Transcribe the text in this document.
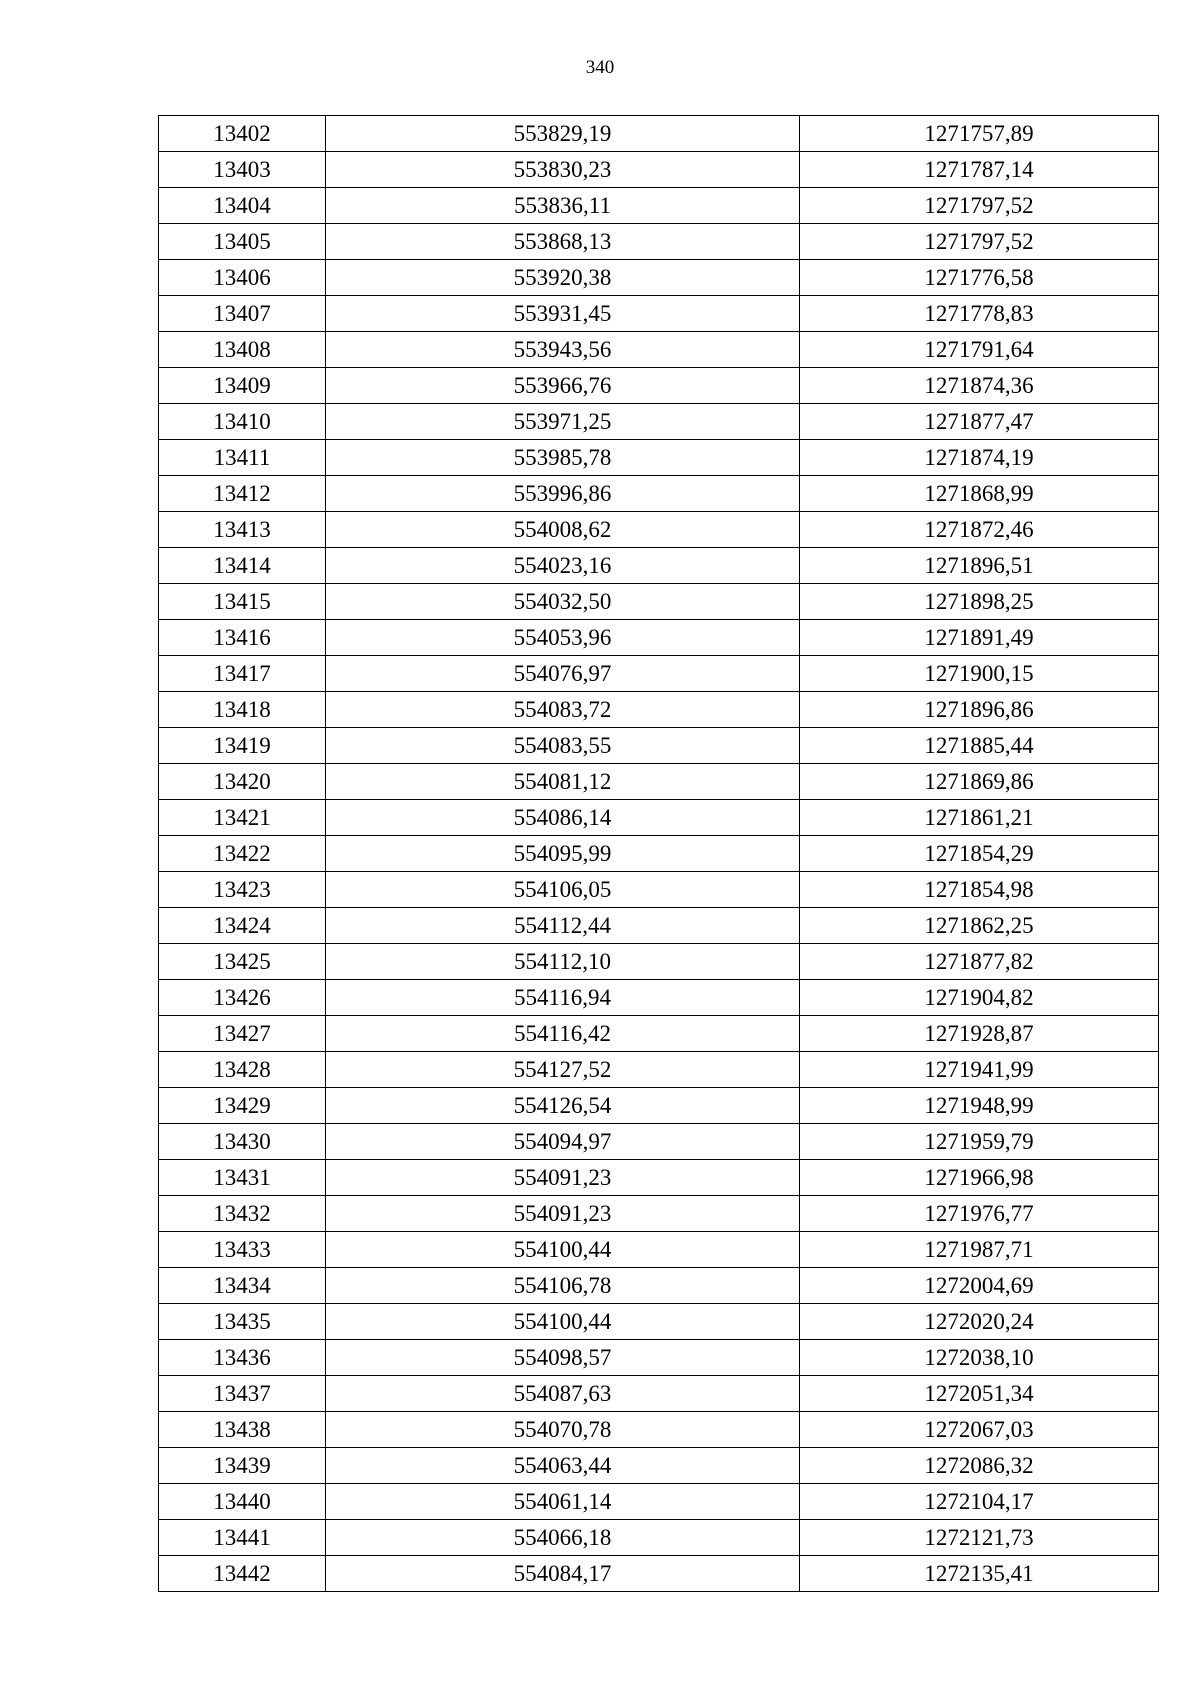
340
13402	553829,19	1271757,89
13403	553830,23	1271787,14
13404	553836,11	1271797,52
13405	553868,13	1271797,52
13406	553920,38	1271776,58
13407	553931,45	1271778,83
13408	553943,56	1271791,64
13409	553966,76	1271874,36
13410	553971,25	1271877,47
13411	553985,78	1271874,19
13412	553996,86	1271868,99
13413	554008,62	1271872,46
13414	554023,16	1271896,51
13415	554032,50	1271898,25
13416	554053,96	1271891,49
13417	554076,97	1271900,15
13418	554083,72	1271896,86
13419	554083,55	1271885,44
13420	554081,12	1271869,86
13421	554086,14	1271861,21
13422	554095,99	1271854,29
13423	554106,05	1271854,98
13424	554112,44	1271862,25
13425	554112,10	1271877,82
13426	554116,94	1271904,82
13427	554116,42	1271928,87
13428	554127,52	1271941,99
13429	554126,54	1271948,99
13430	554094,97	1271959,79
13431	554091,23	1271966,98
13432	554091,23	1271976,77
13433	554100,44	1271987,71
13434	554106,78	1272004,69
13435	554100,44	1272020,24
13436	554098,57	1272038,10
13437	554087,63	1272051,34
13438	554070,78	1272067,03
13439	554063,44	1272086,32
13440	554061,14	1272104,17
13441	554066,18	1272121,73
13442	554084,17	1272135,41
